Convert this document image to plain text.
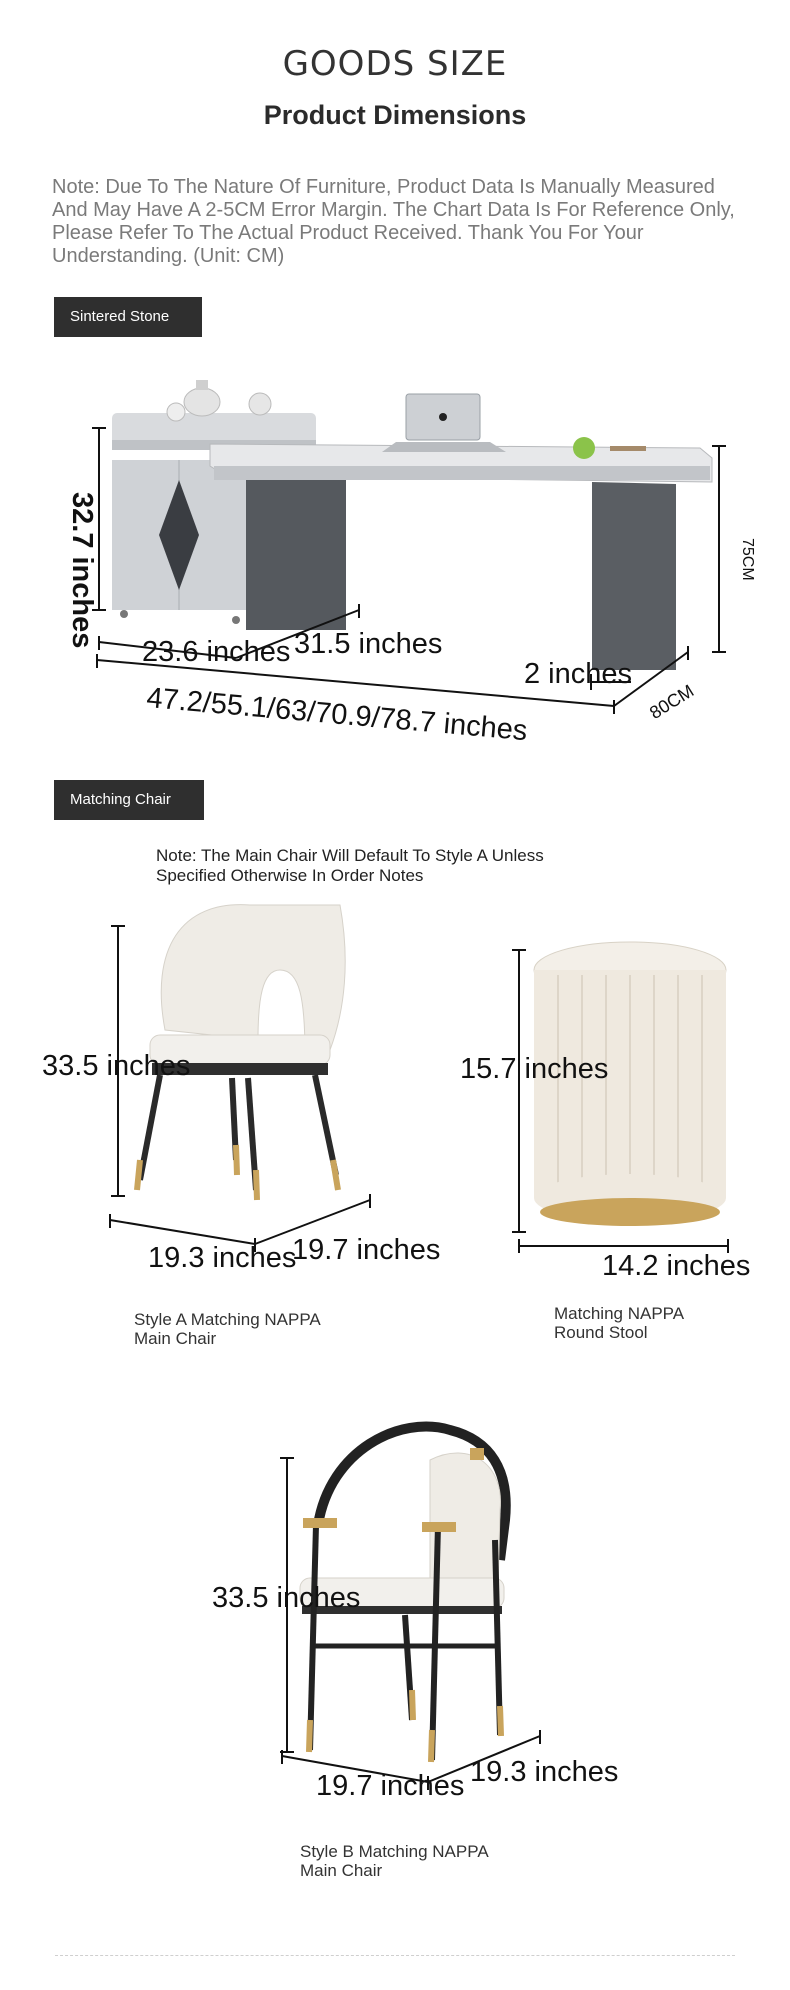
GOODS SIZE
Product Dimensions
Note: Due To The Nature Of Furniture, Product Data Is Manually Measured And May Have A 2-5CM Error Margin. The Chart Data Is For Reference Only, Please Refer To The Actual Product Received. Thank You For Your Understanding. (Unit: CM)
Sintered Stone Coffee Table
32.7 inches
23.6 inches 31.5 inches
47.2/55.1/63/70.9/78.7 inches
2 inches
80CM
75CM
Matching Chair
Note: The Main Chair Will Default To Style A Unless Specified Otherwise In Order Notes
33.5 inches
19.3 inches
19.7 inches
Style A Matching NAPPA
Main Chair
15.7 inches
14.2 inches
Matching NAPPA
Round Stool
33.5 inches
19.7 inches 19.3 inches
Style B Matching NAPPA
Main Chair
